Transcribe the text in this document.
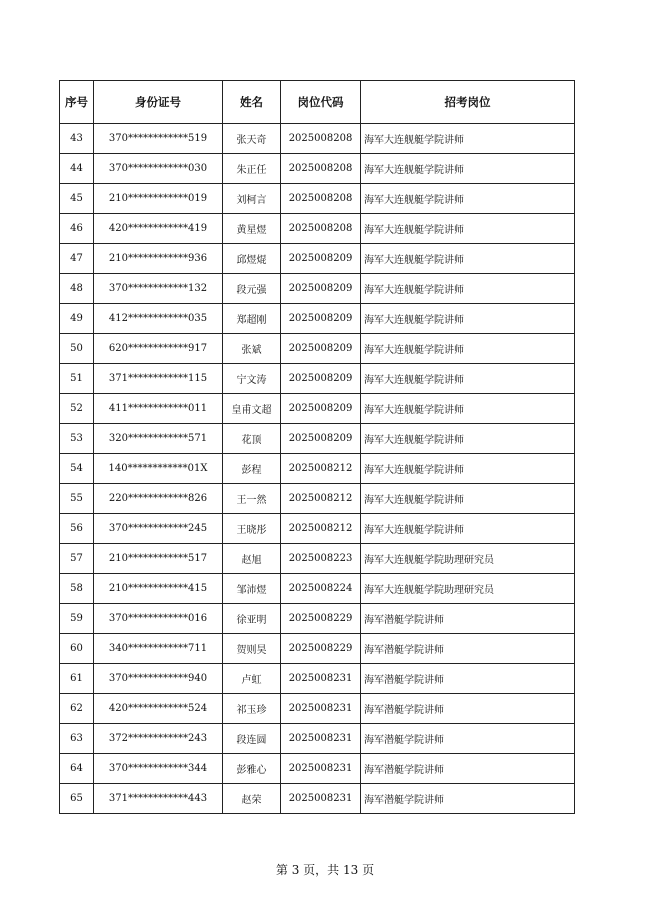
序号	身份证号	姓名	岗位代码	招考岗位
43	370************519	张天奇	2025008208	海军大连舰艇学院讲师
44	370************030	朱正任	2025008208	海军大连舰艇学院讲师
45	210************019	刘柯言	2025008208	海军大连舰艇学院讲师
46	420************419	黄星煜	2025008208	海军大连舰艇学院讲师
47	210************936	邱煜焜	2025008209	海军大连舰艇学院讲师
48	370************132	段元强	2025008209	海军大连舰艇学院讲师
49	412************035	郑超刚	2025008209	海军大连舰艇学院讲师
50	620************917	张斌	2025008209	海军大连舰艇学院讲师
51	371************115	宁文涛	2025008209	海军大连舰艇学院讲师
52	411************011	皇甫文超	2025008209	海军大连舰艇学院讲师
53	320************571	花顶	2025008209	海军大连舰艇学院讲师
54	140************01X	彭程	2025008212	海军大连舰艇学院讲师
55	220************826	王一然	2025008212	海军大连舰艇学院讲师
56	370************245	王晓彤	2025008212	海军大连舰艇学院讲师
57	210************517	赵旭	2025008223	海军大连舰艇学院助理研究员
58	210************415	邹沛煜	2025008224	海军大连舰艇学院助理研究员
59	370************016	徐亚明	2025008229	海军潜艇学院讲师
60	340************711	贺则昊	2025008229	海军潜艇学院讲师
61	370************940	卢虹	2025008231	海军潜艇学院讲师
62	420************524	祁玉珍	2025008231	海军潜艇学院讲师
63	372************243	段连圆	2025008231	海军潜艇学院讲师
64	370************344	彭雅心	2025008231	海军潜艇学院讲师
65	371************443	赵荣	2025008231	海军潜艇学院讲师
第 3 页，共 13 页
